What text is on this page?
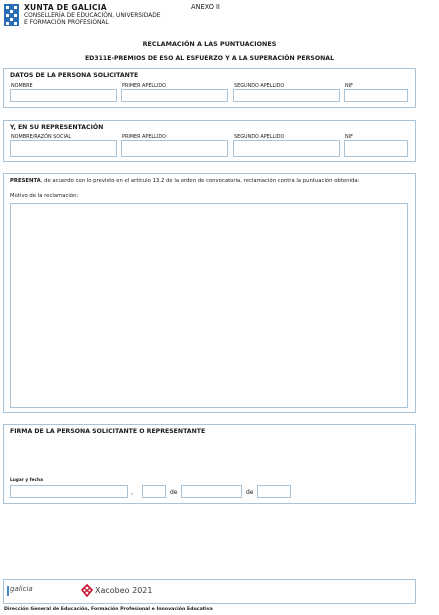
XUNTA DE GALICIA
CONSELLERÍA DE EDUCACIÓN, UNIVERSIDADE
E FORMACIÓN PROFESIONAL
ANEXO II
RECLAMACIÓN A LAS PUNTUACIONES
ED311E-PREMIOS DE ESO AL ESFUERZO Y A LA SUPERACIÓN PERSONAL
DATOS DE LA PERSONA SOLICITANTE
NOMBRE	PRIMER APELLIDO	SEGUNDO APELLIDO	NIF
Y, EN SU REPRESENTACIÓN
NOMBRE/RAZÓN SOCIAL	PRIMER APELLIDO	SEGUNDO APELLIDO	NIF
PRESENTA, de acuerdo con lo previsto en el artículo 13.2 de la orden de convocatoria, reclamación contra la puntuación obtenida:
Motivo de la reclamación:
FIRMA DE LA PERSONA SOLICITANTE O REPRESENTANTE
Lugar y fecha
,	de	de
galicia	Xacobeo 2021
Dirección General de Educación, Formación Profesional e Innovación Educativa
